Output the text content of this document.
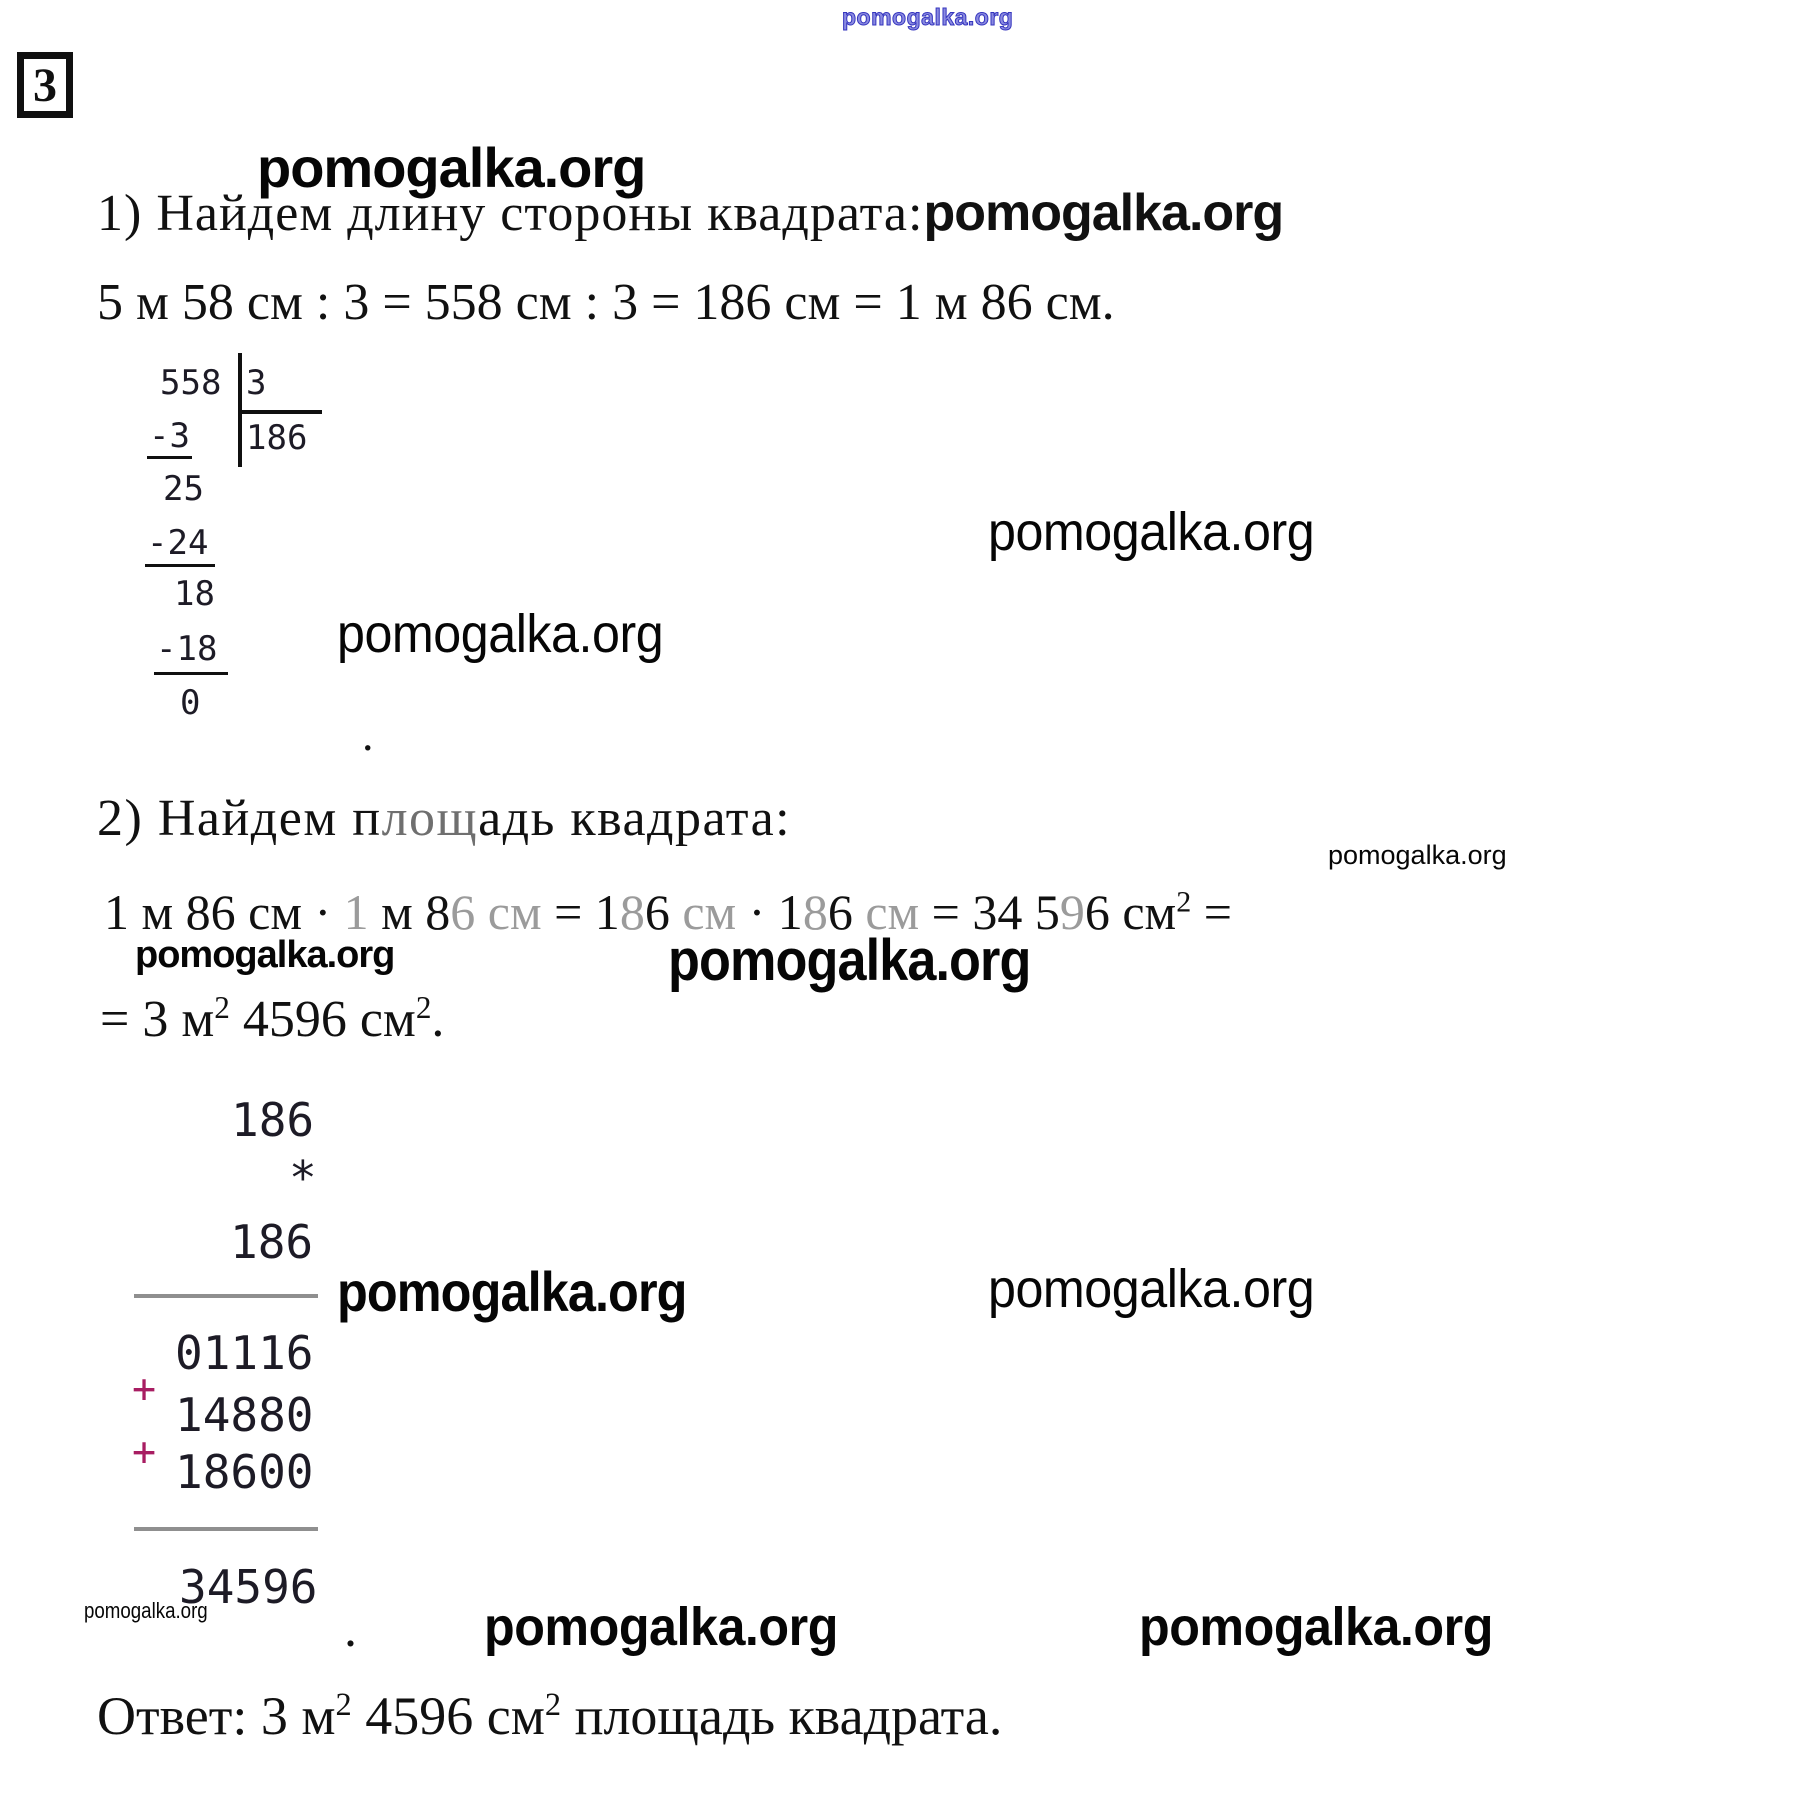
pomogalka.org
3
pomogalka.org
1) Найдем длину стороны квадрата:pomogalka.org
5 м 58 см : 3 = 558 см : 3 = 186 см = 1 м 86 см.
558 3
186
-3
25
-24
18
-18
0
.
pomogalka.org
pomogalka.org
2) Найдем площадь квадрата:
pomogalka.org
1 м 86 см · 1 м 86 см = 186 см · 186 см = 34 596 $см^2$ =
pomogalka.org	pomogalka.org
= 3 $м^2$ 4596 $см^2$.
186
*
186
01116
+ 14880
+ 18600
34596
.
pomogalka.org	pomogalka.org
pomogalka.org	pomogalka.org	pomogalka.org
Ответ: 3 $м^2$ 4596 $см^2$ площадь квадрата.
